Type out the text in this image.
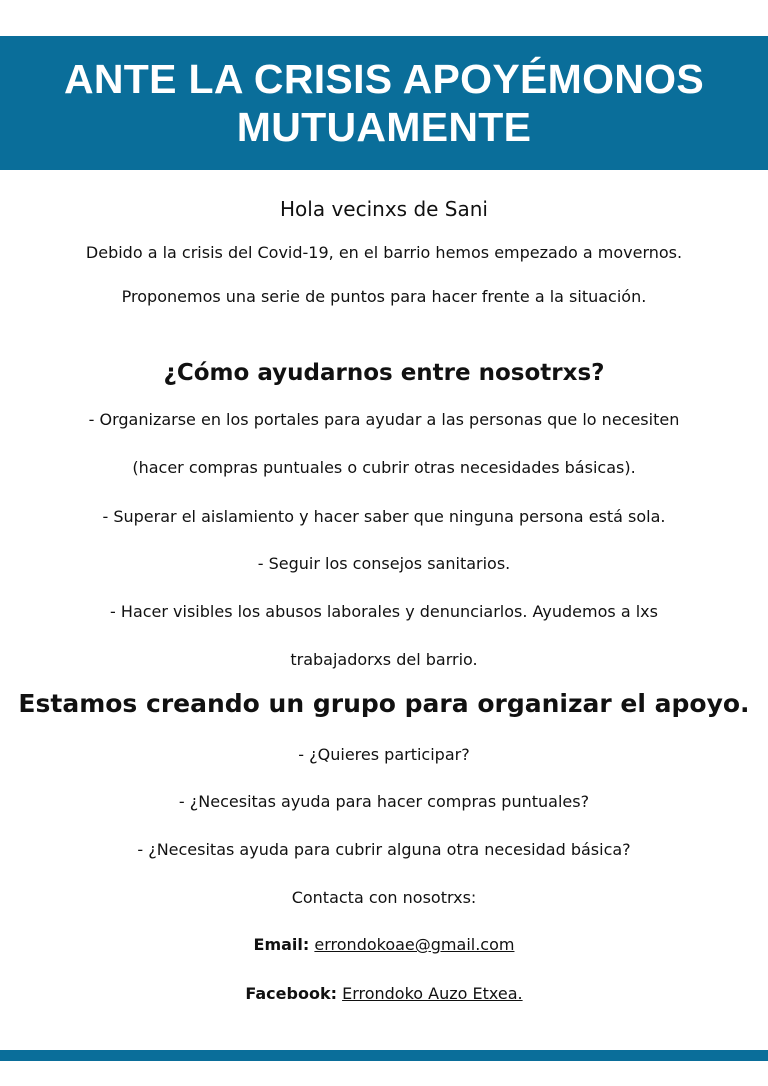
ANTE LA CRISIS APOYÉMONOS
MUTUAMENTE
Hola vecinxs de Sani
Debido a la crisis del Covid-19, en el barrio hemos empezado a movernos.
Proponemos una serie de puntos para hacer frente a la situación.
¿Cómo ayudarnos entre nosotrxs?
- Organizarse en los portales para ayudar a las personas que lo necesiten
(hacer compras puntuales o cubrir otras necesidades básicas).
- Superar el aislamiento y hacer saber que ninguna persona está sola.
- Seguir los consejos sanitarios.
- Hacer visibles los abusos laborales y denunciarlos. Ayudemos a lxs
trabajadorxs del barrio.
Estamos creando un grupo para organizar el apoyo.
- ¿Quieres participar?
- ¿Necesitas ayuda para hacer compras puntuales?
- ¿Necesitas ayuda para cubrir alguna otra necesidad básica?
Contacta con nosotrxs:
Email: errondokoae@gmail.com
Facebook: Errondoko Auzo Etxea.
